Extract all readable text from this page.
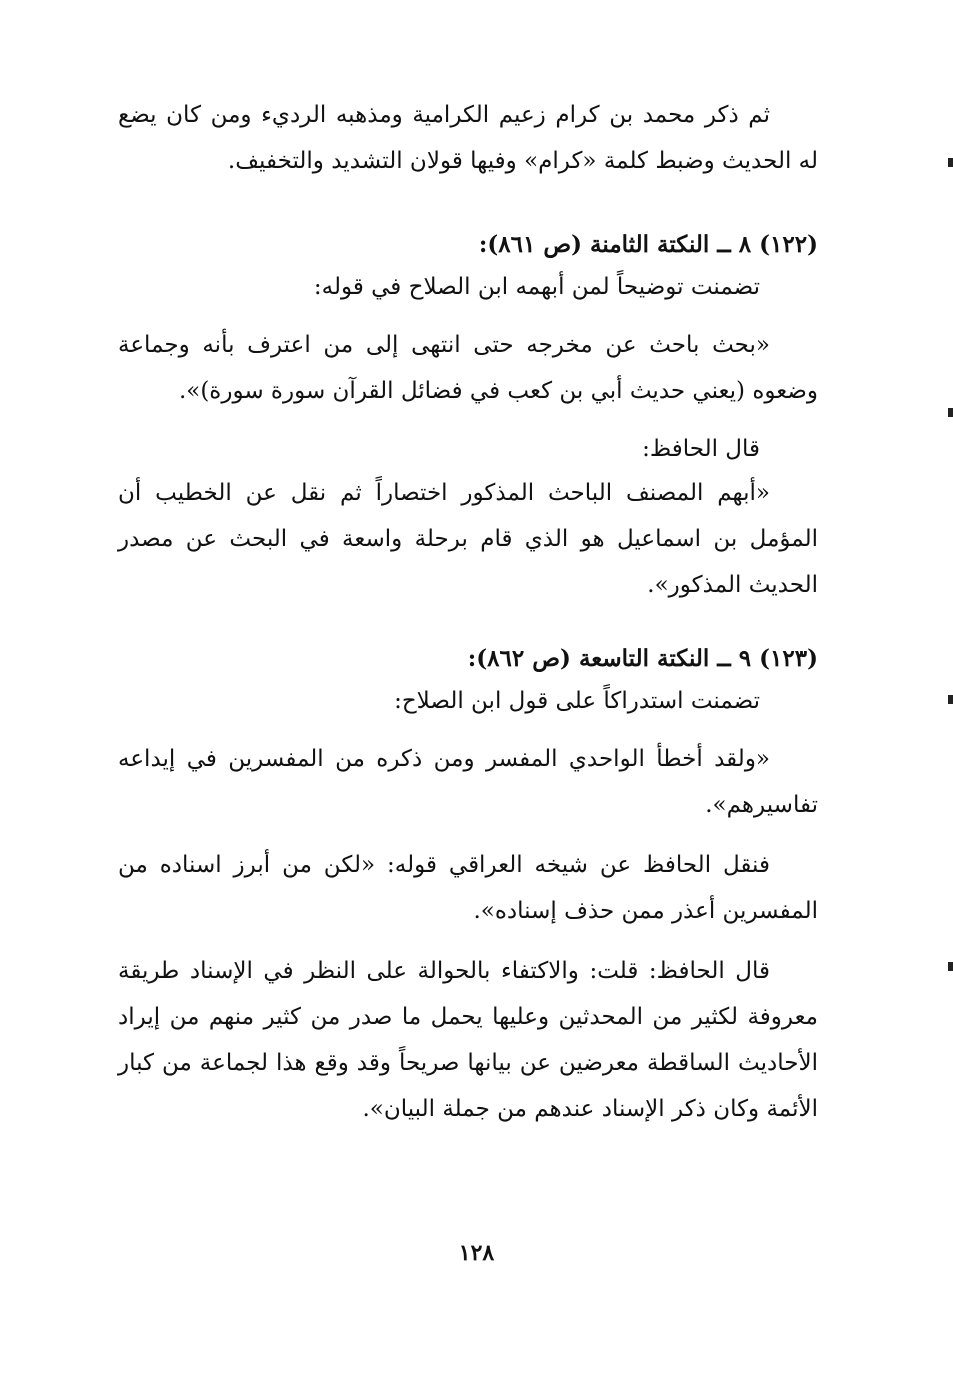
ثم ذكر محمد بن كرام زعيم الكرامية ومذهبه الرديء ومن كان يضع له الحديث وضبط كلمة «كرام» وفيها قولان التشديد والتخفيف.

(١٢٢) ٨ ــ النكتة الثامنة (ص ٨٦١):

تضمنت توضيحاً لمن أبهمه ابن الصلاح في قوله:

«بحث باحث عن مخرجه حتى انتهى إلى من اعترف بأنه وجماعة وضعوه (يعني حديث أبي بن كعب في فضائل القرآن سورة سورة)».

قال الحافظ:

«أبهم المصنف الباحث المذكور اختصاراً ثم نقل عن الخطيب أن المؤمل بن اسماعيل هو الذي قام برحلة واسعة في البحث عن مصدر الحديث المذكور».

(١٢٣) ٩ ــ النكتة التاسعة (ص ٨٦٢):

تضمنت استدراكاً على قول ابن الصلاح:

«ولقد أخطأ الواحدي المفسر ومن ذكره من المفسرين في إيداعه تفاسيرهم».

فنقل الحافظ عن شيخه العراقي قوله: «لكن من أبرز اسناده من المفسرين أعذر ممن حذف إسناده».

قال الحافظ: قلت: والاكتفاء بالحوالة على النظر في الإسناد طريقة معروفة لكثير من المحدثين وعليها يحمل ما صدر من كثير منهم من إيراد الأحاديث الساقطة معرضين عن بيانها صريحاً وقد وقع هذا لجماعة من كبار الأئمة وكان ذكر الإسناد عندهم من جملة البيان».

١٢٨
